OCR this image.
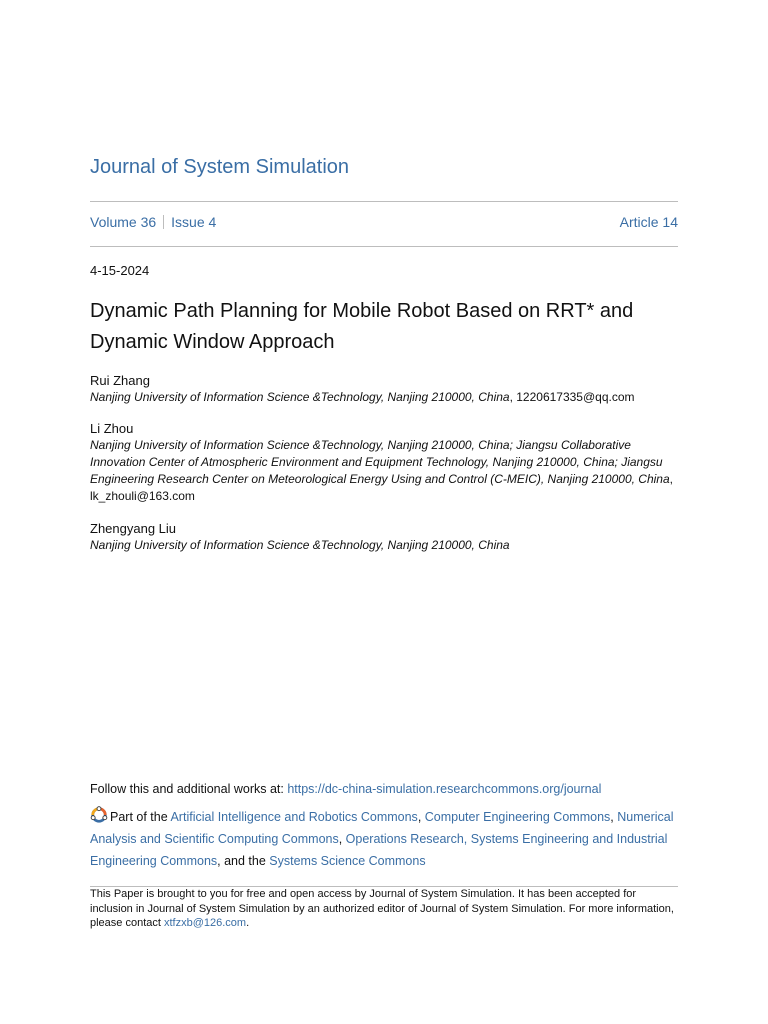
Journal of System Simulation
Volume 36 Issue 4	Article 14
4-15-2024
Dynamic Path Planning for Mobile Robot Based on RRT* and Dynamic Window Approach
Rui Zhang
Nanjing University of Information Science &Technology, Nanjing 210000, China, 1220617335@qq.com
Li Zhou
Nanjing University of Information Science &Technology, Nanjing 210000, China; Jiangsu Collaborative Innovation Center of Atmospheric Environment and Equipment Technology, Nanjing 210000, China; Jiangsu Engineering Research Center on Meteorological Energy Using and Control (C-MEIC), Nanjing 210000, China, lk_zhouli@163.com
Zhengyang Liu
Nanjing University of Information Science &Technology, Nanjing 210000, China
Follow this and additional works at: https://dc-china-simulation.researchcommons.org/journal
Part of the Artificial Intelligence and Robotics Commons, Computer Engineering Commons, Numerical Analysis and Scientific Computing Commons, Operations Research, Systems Engineering and Industrial Engineering Commons, and the Systems Science Commons
This Paper is brought to you for free and open access by Journal of System Simulation. It has been accepted for inclusion in Journal of System Simulation by an authorized editor of Journal of System Simulation. For more information, please contact xtfzxb@126.com.
